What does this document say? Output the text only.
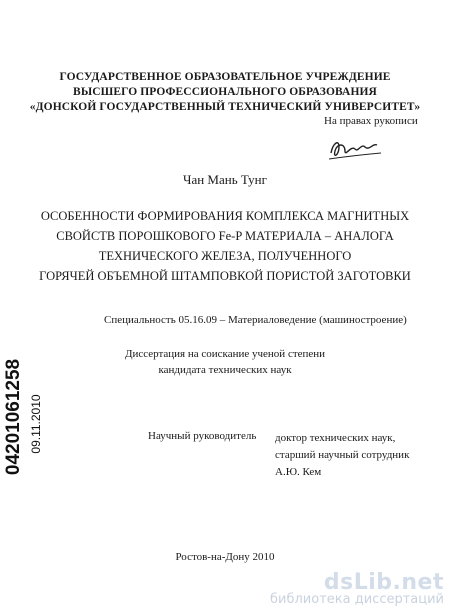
ГОСУДАРСТВЕННОЕ ОБРАЗОВАТЕЛЬНОЕ УЧРЕЖДЕНИЕ
ВЫСШЕГО ПРОФЕССИОНАЛЬНОГО ОБРАЗОВАНИЯ
«ДОНСКОЙ ГОСУДАРСТВЕННЫЙ ТЕХНИЧЕСКИЙ УНИВЕРСИТЕТ»
На правах рукописи
Чан Мань Тунг
ОСОБЕННОСТИ ФОРМИРОВАНИЯ КОМПЛЕКСА МАГНИТНЫХ
СВОЙСТВ ПОРОШКОВОГО Fe-P МАТЕРИАЛА – АНАЛОГА
ТЕХНИЧЕСКОГО ЖЕЛЕЗА, ПОЛУЧЕННОГО
ГОРЯЧЕЙ ОБЪЕМНОЙ ШТАМПОВКОЙ ПОРИСТОЙ ЗАГОТОВКИ
Специальность 05.16.09 – Материаловедение (машиностроение)
Диссертация на соискание ученой степени
кандидата технических наук
Научный руководитель доктор технических наук,
старший научный сотрудник
А.Ю. Кем
Ростов-на-Дону 2010
04201061258 09.11.2010
dsLib.net
библиотека диссертаций
